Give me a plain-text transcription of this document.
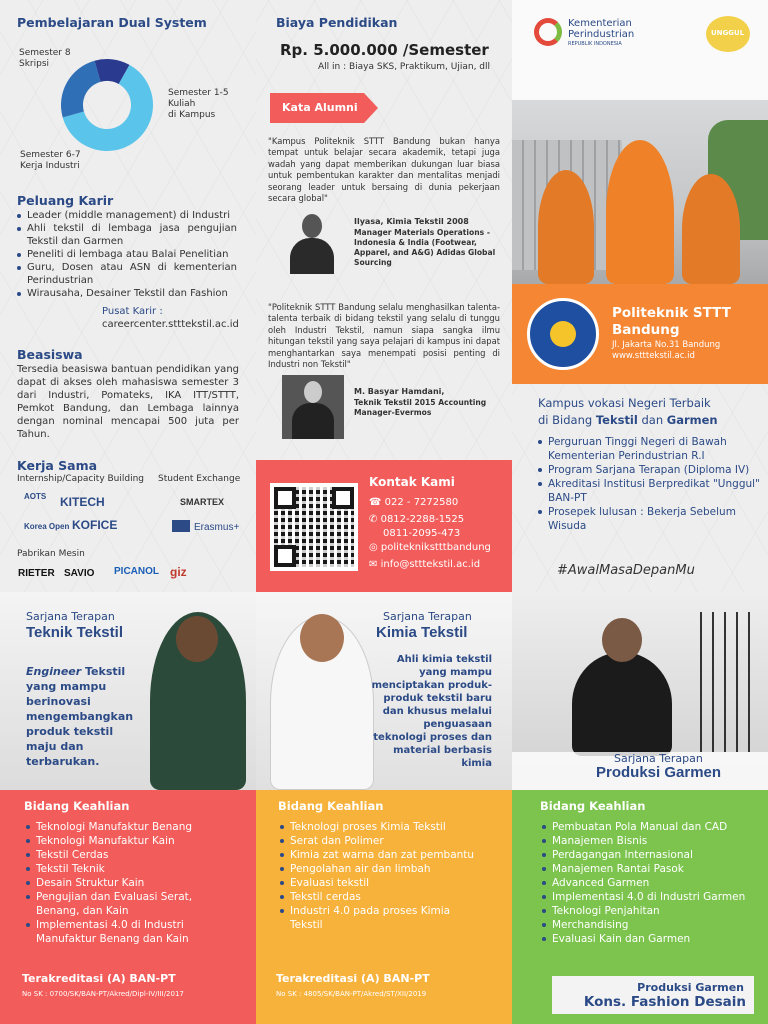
Pembelajaran Dual System
Semester 8
Skripsi
Semester 1-5
Kuliah
di Kampus
Semester 6-7
Kerja Industri
Peluang Karir
Leader (middle management) di Industri
Ahli tekstil di lembaga jasa pengujian Tekstil dan Garmen
Peneliti di lembaga atau Balai Penelitian
Guru, Dosen atau ASN di kementerian Perindustrian
Wirausaha, Desainer Tekstil dan Fashion
Pusat Karir :
careercenter.stttekstil.ac.id
Beasiswa
Tersedia beasiswa bantuan pendidikan yang dapat di akses oleh mahasiswa semester 3 dari Industri, Pomateks, IKA ITT/STTT, Pemkot Bandung, dan Lembaga lainnya dengan nominal mencapai 500 juta per Tahun.
Kerja Sama
Internship/Capacity Building Student Exchange
AOTS KITECH
Korea Open KOFICE
SMARTEX
Erasmus+
Pabrikan Mesin
RIETER SAVIO PICANOL giz
Biaya Pendidikan
Rp. 5.000.000 /Semester
All in : Biaya SKS, Praktikum, Ujian, dll
Kata Alumni
"Kampus Politeknik STTT Bandung bukan hanya tempat untuk belajar secara akademik, tetapi juga wadah yang dapat memberikan dukungan luar biasa untuk pembentukan karakter dan mentalitas menjadi seorang leader untuk bersaing di dunia pekerjaan secara global"
Ilyasa, Kimia Tekstil 2008
Manager Materials Operations - Indonesia & India (Footwear, Apparel, and A&G) Adidas Global Sourcing
"Politeknik STTT Bandung selalu menghasilkan talenta-talenta terbaik di bidang tekstil yang selalu di tunggu oleh Industri Tekstil, namun siapa sangka ilmu hitungan tekstil yang saya pelajari di kampus ini dapat menghantarkan saya menempati posisi penting di Industri non Tekstil"
M. Basyar Hamdani,
Teknik Tekstil 2015 Accounting Manager-Evermos
Kontak Kami
☎ 022 - 7272580
✆ 0812-2288-1525
0811-2095-473
◎ politeknikstttbandung
✉ info@stttekstil.ac.id
Kementerian
Perindustrian
REPUBLIK INDONESIA
UNGGUL
Politeknik STTT
Bandung
Jl. Jakarta No.31 Bandung
www.stttekstil.ac.id
Kampus vokasi Negeri Terbaik
di Bidang Tekstil dan Garmen
Perguruan Tinggi Negeri di Bawah Kementerian Perindustrian R.I
Program Sarjana Terapan (Diploma IV)
Akreditasi Institusi Berpredikat "Unggul" BAN-PT
Prosepek lulusan : Bekerja Sebelum Wisuda
#AwalMasaDepanMu
Sarjana Terapan
Teknik Tekstil
Engineer Tekstil yang mampu berinovasi mengembangkan produk tekstil maju dan terbarukan.
Bidang Keahlian
Teknologi Manufaktur Benang
Teknologi Manufaktur Kain
Tekstil Cerdas
Tekstil Teknik
Desain Struktur Kain
Pengujian dan Evaluasi Serat, Benang, dan Kain
Implementasi 4.0 di Industri Manufaktur Benang dan Kain
Terakreditasi (A) BAN-PT
No SK : 0700/SK/BAN-PT/Akred/Dipl-IV/III/2017
Sarjana Terapan
Kimia Tekstil
Ahli kimia tekstil yang mampu menciptakan produk-produk tekstil baru dan khusus melalui penguasaan teknologi proses dan material berbasis kimia
Bidang Keahlian
Teknologi proses Kimia Tekstil
Serat dan Polimer
Kimia zat warna dan zat pembantu
Pengolahan air dan limbah
Evaluasi tekstil
Tekstil cerdas
Industri 4.0 pada proses Kimia Tekstil
Terakreditasi (A) BAN-PT
No SK : 4805/SK/BAN-PT/Akred/ST/XII/2019
Sarjana Terapan
Produksi Garmen
Bidang Keahlian
Pembuatan Pola Manual dan CAD
Manajemen Bisnis
Perdagangan Internasional
Manajemen Rantai Pasok
Advanced Garmen
Implementasi 4.0 di Industri Garmen
Teknologi Penjahitan
Merchandising
Evaluasi Kain dan Garmen
Produksi Garmen
Kons. Fashion Desain
